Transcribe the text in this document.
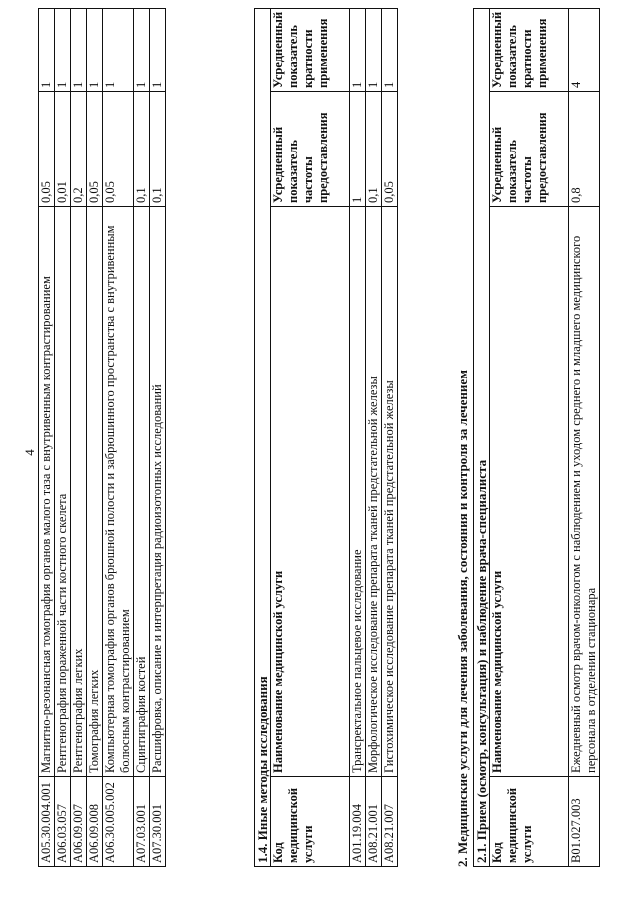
4
A05.30.004.001	Магнитно-резонансная томография органов малого таза с внутривенным контрастированием	0,05	1
A06.03.057	Рентгенография пораженной части костного скелета	0,01	1
A06.09.007	Рентгенография легких	0,2	1
A06.09.008	Томография легких	0,05	1
A06.30.005.002	Компьютерная томография органов брюшной полости и забрюшинного пространства с внутривенным болюсным контрастированием	0,05	1
A07.03.001	Сцинтиграфия костей	0,1	1
A07.30.001	Расшифровка, описание и интерпретация радиоизотопных исследований	0,1	1
1.4. Иные методы исследования			
Код медицинской услуги	Наименование медицинской услуги	Усредненный показатель частоты предоставления	Усредненный показатель кратности применения
A01.19.004	Трансректальное пальцевое исследование	1	1
A08.21.001	Морфологическое исследование препарата тканей предстательной железы	0,1	1
A08.21.007	Гистохимическое исследование препарата тканей предстательной железы	0,05	1
2. Медицинские услуги для лечения заболевания, состояния и контроля за лечением 2.1. Прием (осмотр, консультация) и наблюдение врача-специалиста			
Код медицинской услуги	Наименование медицинской услуги	Усредненный показатель частоты предоставления	Усредненный показатель кратности применения
B01.027.003	Ежедневный осмотр врачом-онкологом с наблюдением и уходом среднего и младшего медицинского персонала в отделении стационара	0,8	4
